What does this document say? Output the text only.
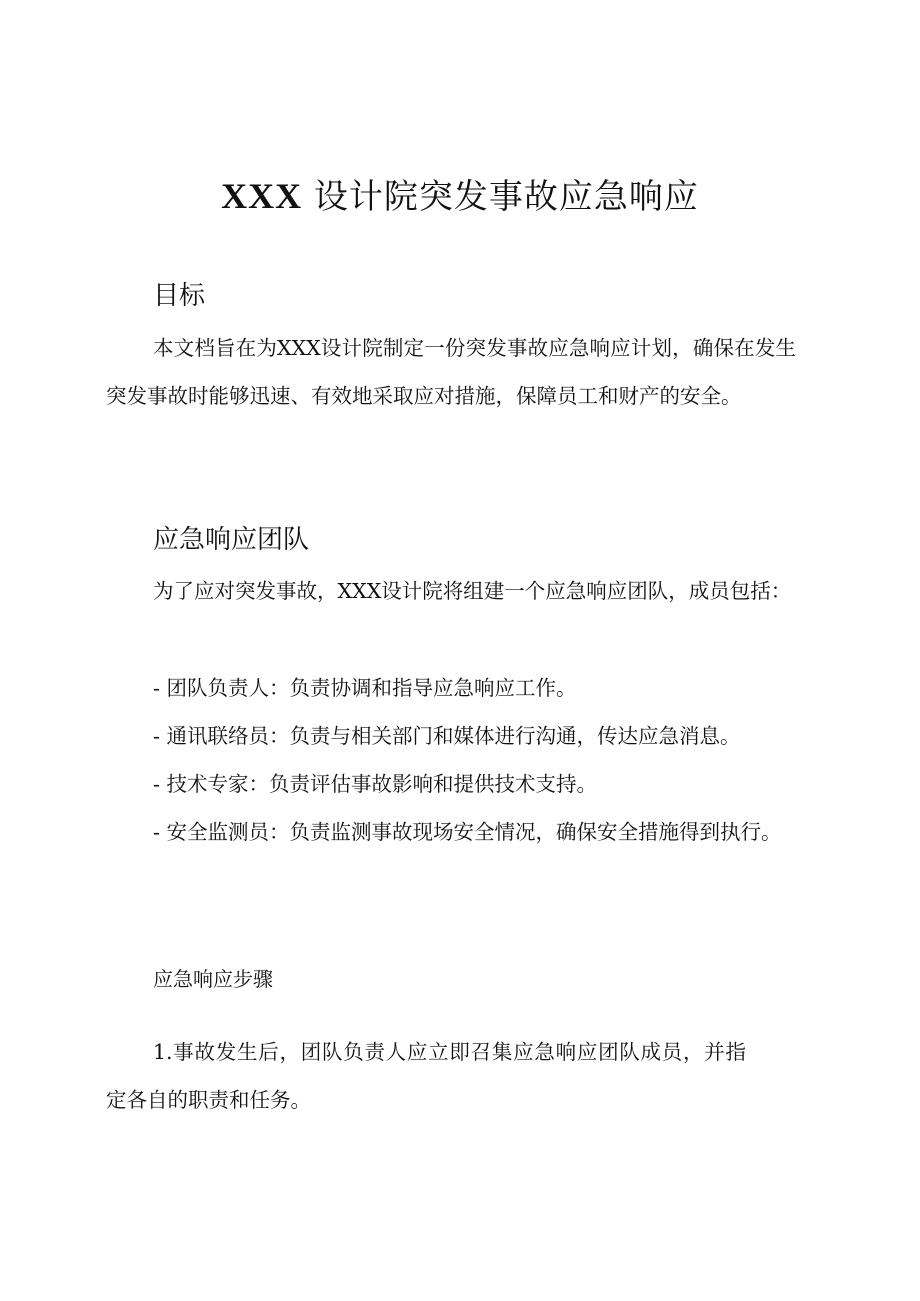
XXX 设计院突发事故应急响应
目标

本文档旨在为XXX设计院制定一份突发事故应急响应计划，确保在发生突发事故时能够迅速、有效地采取应对措施，保障员工和财产的安全。

应急响应团队

为了应对突发事故，XXX设计院将组建一个应急响应团队，成员包括：

- 团队负责人：负责协调和指导应急响应工作。

- 通讯联络员：负责与相关部门和媒体进行沟通，传达应急消息。

- 技术专家：负责评估事故影响和提供技术支持。

- 安全监测员：负责监测事故现场安全情况，确保安全措施得到执行。

应急响应步骤

1.事故发生后，团队负责人应立即召集应急响应团队成员，并指定各自的职责和任务。
